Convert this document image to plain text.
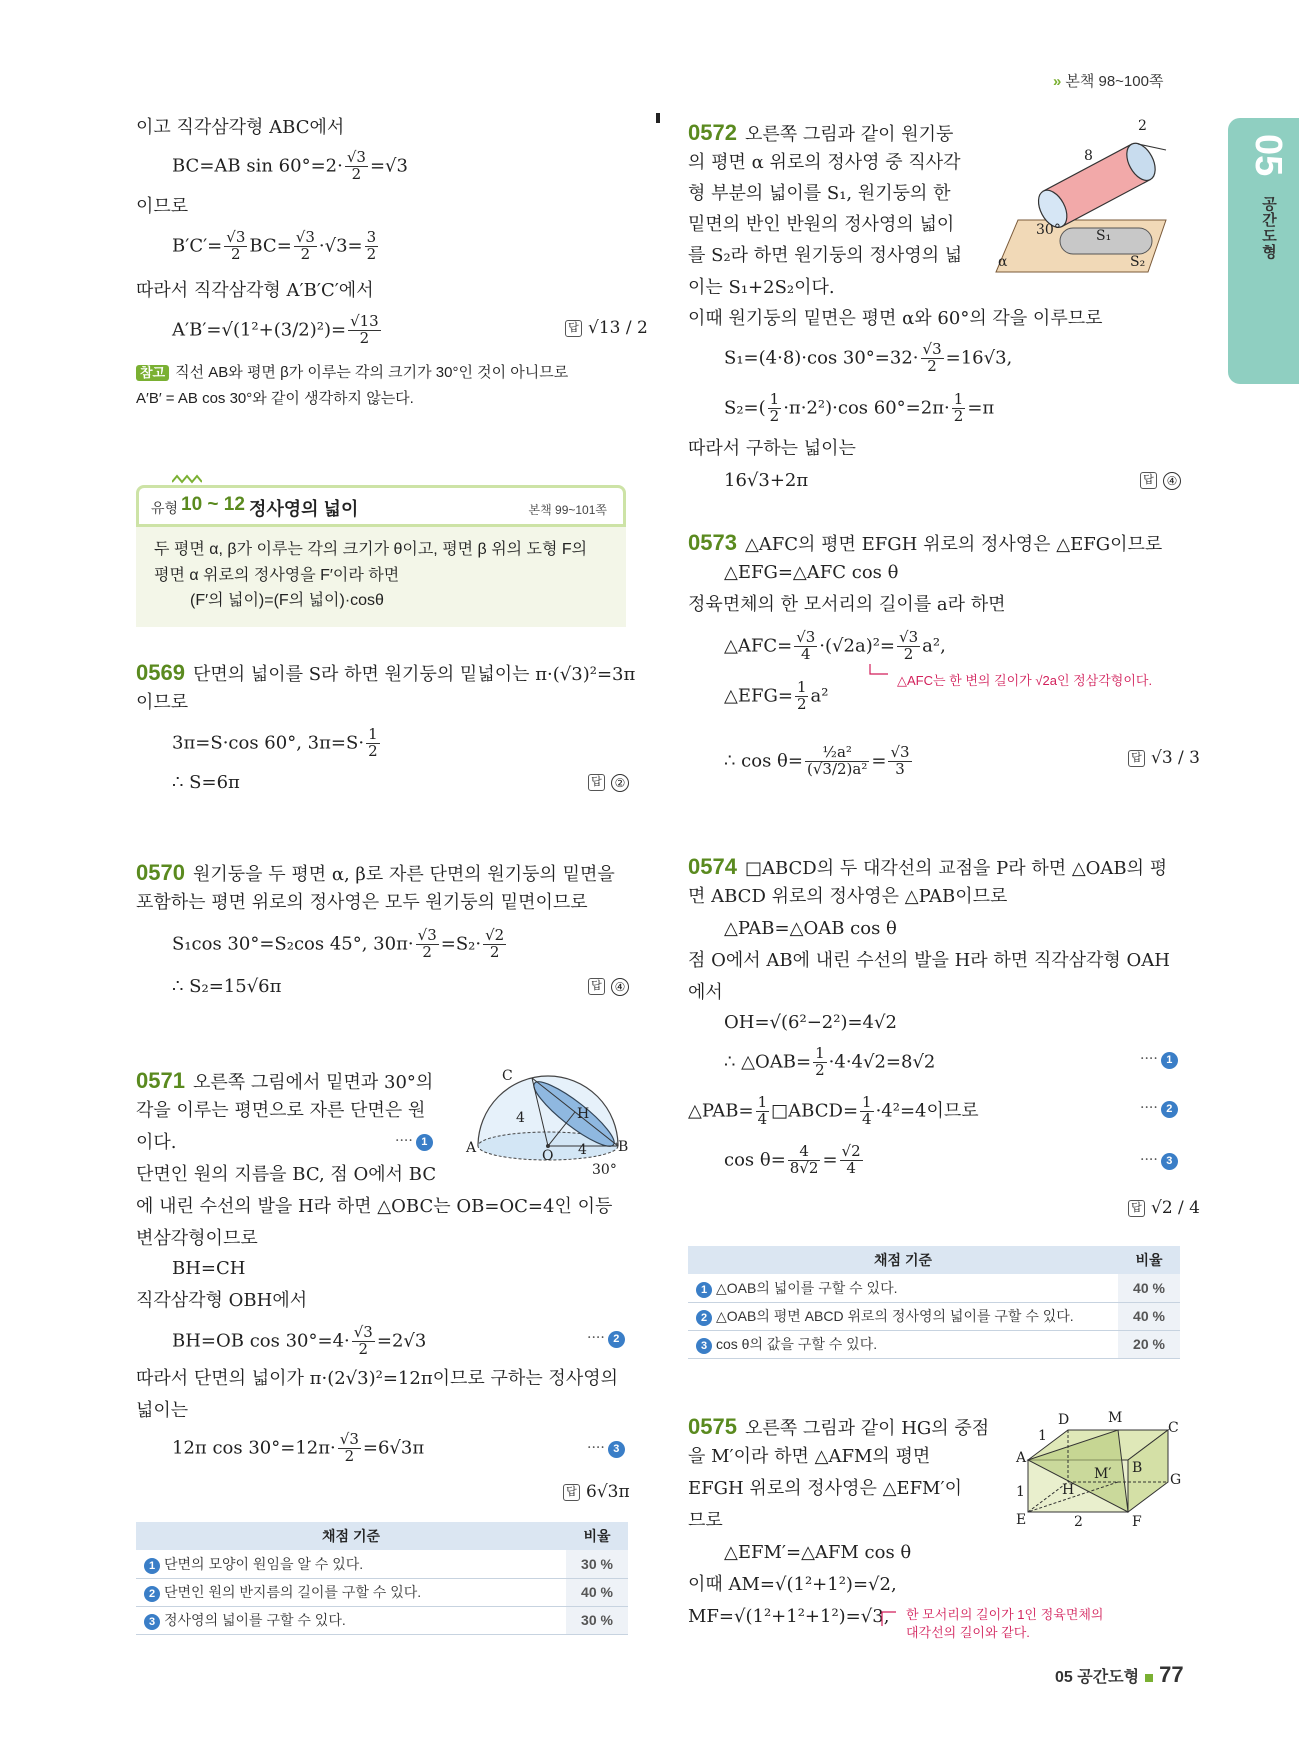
» 본책 98~100쪽
05
공간도형
이고 직각삼각형 ABC에서
BC=AB $\sin 60^\circ=2\cdot \frac{√3}{2} =√3$
이므로
$B'C'= \frac{√3}{2} BC= \frac{√3}{2} \cdot√3= \frac{3}{2}$
따라서 직각삼각형 A′B′C′에서
$A'B'=√(1^2+(3/2)^2)= \frac{√13}{2}$	답 √13 / 2
참고 직선 AB와 평면 β가 이루는 각의 크기가 30°인 것이 아니므로
A′B′ = AB cos 30°와 같이 생각하지 않는다.
유형 10 ~ 12 정사영의 넓이	본책 99~101쪽
두 평면 α, β가 이루는 각의 크기가 θ이고, 평면 β 위의 도형 F의
평면 α 위로의 정사영을 F′이라 하면
(F′의 넓이)=(F의 넓이)·cosθ
0569 단면의 넓이를 S라 하면 원기둥의 밑넓이는 π·(√3)²=3π
이므로
3π=S·cos 60°, $3\pi=S\cdot \frac{1}{2}$
∴ S=6π	답 ②
0570 원기둥을 두 평면 α, β로 자른 단면의 원기둥의 밑면을
포함하는 평면 위로의 정사영은 모두 원기둥의 밑면이므로
S₁cos 30°=S₂cos 45°, $30\pi\cdot \frac{√3}{2} =S_2\cdot \frac{√2}{2}$
∴ S₂=15√6π	답 ④
0571 오른쪽 그림에서 밑면과 30°의
각을 이루는 평면으로 자른 단면은 원
이다.	···· 1
단면인 원의 지름을 BC, 점 O에서 BC
에 내린 수선의 발을 H라 하면 △OBC는 OB=OC=4인 이등
변삼각형이므로
BH=CH
직각삼각형 OBH에서
BH=OB $\cos 30^\circ=4\cdot \frac{√3}{2} =2√3$	···· 2
따라서 단면의 넓이가 π·(2√3)²=12π이므로 구하는 정사영의
넓이는
12π $\cos 30^\circ=12\pi\cdot \frac{√3}{2} =6√3\pi$	···· 3
답 6√3π
C
H
A	O
B
4
4
30°
채점 기준	비율
1 단면의 모양이 원임을 알 수 있다.	30 %
2 단면인 원의 반지름의 길이를 구할 수 있다.	40 %
3 정사영의 넓이를 구할 수 있다.	30 %
0572 오른쪽 그림과 같이 원기둥
의 평면 α 위로의 정사영 중 직사각
형 부분의 넓이를 S₁, 원기둥의 한
밑면의 반인 반원의 정사영의 넓이
를 S₂라 하면 원기둥의 정사영의 넓
이는 S₁+2S₂이다.
이때 원기둥의 밑면은 평면 α와 60°의 각을 이루므로
S₁=(4·8)·cos $30^\circ=32\cdot \frac{√3}{2} =16√3$,
$S_2=( \frac{1}{2} \cdot\pi\cdot 2^2)\cdot\cos$ $60^\circ=2\pi\cdot \frac{1}{2} =\pi$
따라서 구하는 넓이는
16√3+2π	답 ④
2
8
30°	S₁
S₂
α
0573 △AFC의 평면 EFGH 위로의 정사영은 △EFG이므로
△EFG=△AFC cos θ
정육면체의 한 모서리의 길이를 a라 하면
△AFC= $\frac{√3}{4} \cdot(√2a)^2= \frac{√3}{2} a^2$,
△AFC는 한 변의 길이가 √2a인 정삼각형이다.
△EFG= $\frac{1}{2} a^2$
∴ $\cos \theta= \frac{\text{½a²}}{\text{(√3/2)a²}} = \frac{√3}{3}$	답 √3 / 3
0574 □ABCD의 두 대각선의 교점을 P라 하면 △OAB의 평
면 ABCD 위로의 정사영은 △PAB이므로
△PAB=△OAB cos θ
점 O에서 AB에 내린 수선의 발을 H라 하면 직각삼각형 OAH
에서
OH=√(6²−2²)=4√2
∴ △OAB= $\frac{1}{2} \cdot 4\cdot 4√2=8√2$	···· 1
△PAB= $\frac{1}{4}$ □ABCD= $\frac{1}{4} \cdot 4^2=4$이므로	···· 2
$\cos \theta= \frac{4}{8√2} = \frac{√2}{4}$	···· 3
답 √2 / 4
채점 기준	비율
1 △OAB의 넓이를 구할 수 있다.	40 %
2 △OAB의 평면 ABCD 위로의 정사영의 넓이를 구할 수 있다.	40 %
3 cos θ의 값을 구할 수 있다.	20 %
0575 오른쪽 그림과 같이 HG의 중점
을 M′이라 하면 △AFM의 평면
EFGH 위로의 정사영은 △EFM′이
므로
△EFM′=△AFM cos θ
이때 AM=√(1²+1²)=√2,
MF=√(1²+1²+1²)=√3, 한 모서리의 길이가 1인 정육면체의
대각선의 길이와 같다.
D	M
C
A
B
M′
H
G
E	F
1
1
2
05 공간도형 77
